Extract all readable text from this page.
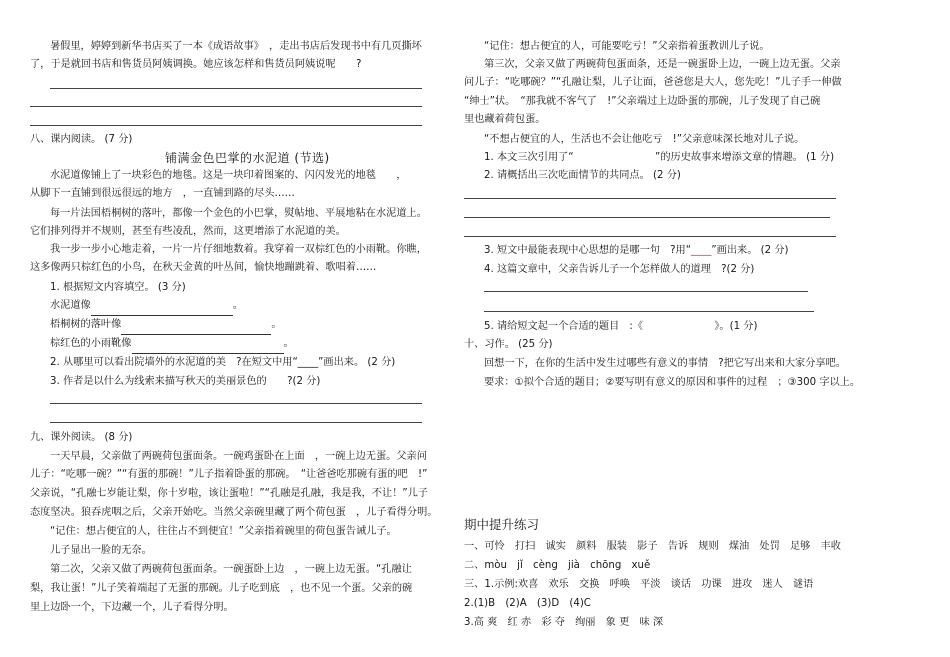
暑假里，婷婷到新华书店买了一本《成语故事》　，走出书店后发现书中有几页撕坏
了，于是就回书店和售货员阿姨调换。她应该怎样和售货员阿姨说呢　　?
八、课内阅读。 (7 分)
铺满金色巴掌的水泥道 (节选)
水泥道像铺上了一块彩色的地毯。这是一块印着图案的、闪闪发光的地毯　　，
从脚下一直铺到很远很远的地方　，一直铺到路的尽头……
每一片法国梧桐树的落叶，都像一个金色的小巴掌，熨帖地、平展地粘在水泥道上。
它们排列得并不规则，甚至有些凌乱，然而，这更增添了水泥道的美。
我一步一步小心地走着，一片一片仔细地数着。我穿着一双棕红色的小雨靴。你瞧，
这多像两只棕红色的小鸟，在秋天金黄的叶丛间，愉快地蹦跳着、歌唱着……
1. 根据短文内容填空。 (3 分)
水泥道像	。
梧桐树的落叶像	。
棕红色的小雨靴像	。
2. 从哪里可以看出院墙外的水泥道的美　?在短文中用“____”画出来。 (2 分)
3. 作者是以什么为线索来描写秋天的美丽景色的　　?(2 分)
九、课外阅读。 (8 分)
一天早晨，父亲做了两碗荷包蛋面条。一碗鸡蛋卧在上面　，一碗上边无蛋。父亲问
儿子：“吃哪一碗？”“有蛋的那碗！”儿子指着卧蛋的那碗。　“让爸爸吃那碗有蛋的吧　!”
父亲说，“孔融七岁能让梨，你十岁啦，该让蛋啦！”“孔融是孔融，我是我，不让！”儿子
态度坚决。狼吞虎咽之后，父亲开始吃。当然父亲碗里藏了两个荷包蛋　，儿子看得分明。
“记住：想占便宜的人，往往占不到便宜！”父亲指着碗里的荷包蛋告诫儿子。
儿子显出一脸的无奈。
第二次，父亲又做了两碗荷包蛋面条。一碗蛋卧上边　，一碗上边无蛋。“孔融让
梨，我让蛋！”儿子笑着端起了无蛋的那碗。儿子吃到底　，也不见一个蛋。父亲的碗
里上边卧一个，下边藏一个，儿子看得分明。
“记住：想占便宜的人，可能要吃亏！”父亲指着蛋教训儿子说。
第三次，父亲又做了两碗荷包蛋面条，还是一碗蛋卧上边，一碗上边无蛋。父亲
问儿子：“吃哪碗？”“孔融让梨，儿子让面，爸爸您是大人，您先吃！”儿子手一伸做
“绅士”状。　“那我就不客气了　!”父亲端过上边卧蛋的那碗，儿子发现了自己碗
里也藏着荷包蛋。
“不想占便宜的人，生活也不会让他吃亏　!”父亲意味深长地对儿子说。
1. 本文三次引用了“　　　　　　　　”的历史故事来增添文章的情趣。 (1 分)
2. 请概括出三次吃面情节的共同点。 (2 分)
3. 短文中最能表现中心思想的是哪一句　?用“____”画出来。 (2 分)
4. 这篇文章中，父亲告诉儿子一个怎样做人的道理　?(2 分)
5. 请给短文起一个合适的题目　:《　　　　　　　》。(1 分)
十、习作。 (25 分)
回想一下，在你的生活中发生过哪些有意义的事情　?把它写出来和大家分享吧。
要求：①拟个合适的题目；②要写明有意义的原因和事件的过程　；③300 字以上。
期中提升练习
一、可怜　打扫　诚实　颜料　服装　影子　告诉　规则　煤油　处罚　足够　丰收
二、mòu　jǐ　cèng　jià　chōng　xuě
三、1.示例:欢喜　欢乐　交换　呼唤　平淡　谈话　功课　进攻　迷人　谜语
2.(1)B　(2)A　(3)D　(4)C
3.高 爽　红 赤　彩 夺　绚丽　象 更　味 深
